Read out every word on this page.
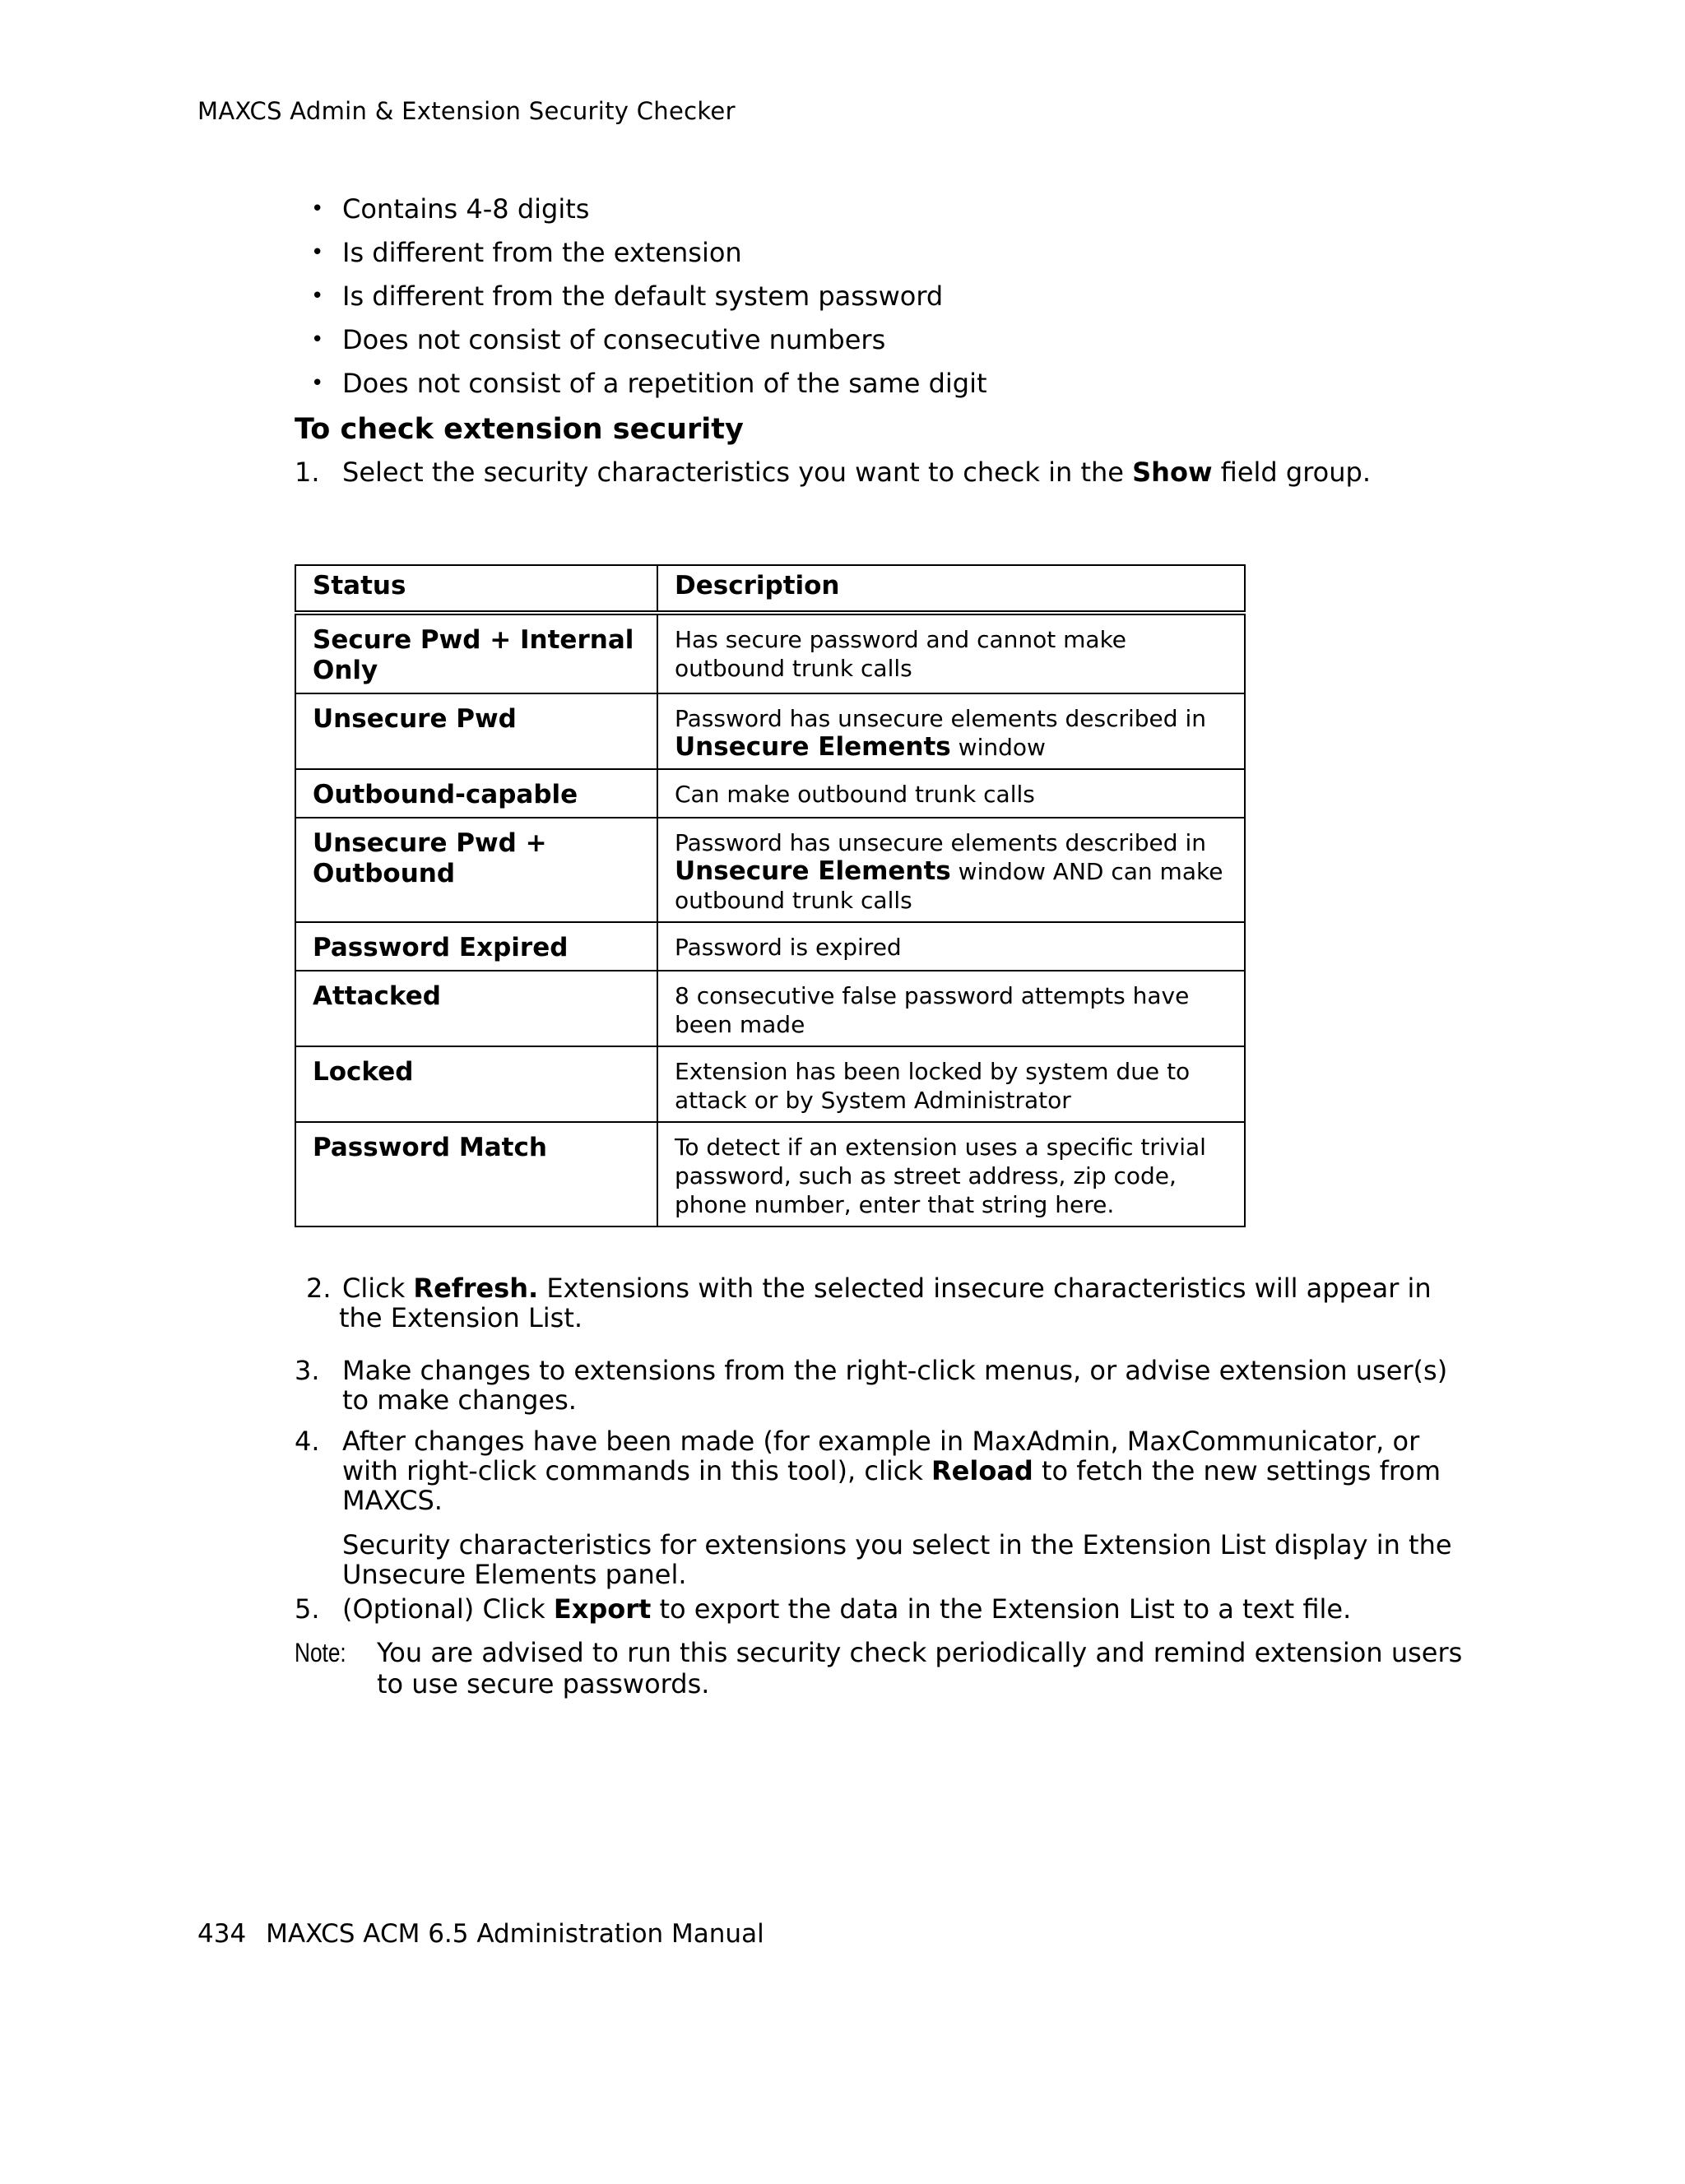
MAXCS Admin & Extension Security Checker
• Contains 4-8 digits
• Is different from the extension
• Is different from the default system password
• Does not consist of consecutive numbers
• Does not consist of a repetition of the same digit
To check extension security
1. Select the security characteristics you want to check in the Show field group.
Status	Description
Secure Pwd + Internal Only	Has secure password and cannot make outbound trunk calls
Unsecure Pwd	Password has unsecure elements described in Unsecure Elements window
Outbound-capable	Can make outbound trunk calls
Unsecure Pwd + Outbound	Password has unsecure elements described in Unsecure Elements window AND can make outbound trunk calls
Password Expired	Password is expired
Attacked	8 consecutive false password attempts have been made
Locked	Extension has been locked by system due to attack or by System Administrator
Password Match	To detect if an extension uses a specific trivial password, such as street address, zip code, phone number, enter that string here.
2. Click Refresh. Extensions with the selected insecure characteristics will appear in
the Extension List.
3. Make changes to extensions from the right-click menus, or advise extension user(s)
to make changes.
4. After changes have been made (for example in MaxAdmin, MaxCommunicator, or
with right-click commands in this tool), click Reload to fetch the new settings from
MAXCS.
Security characteristics for extensions you select in the Extension List display in the
Unsecure Elements panel.
5. (Optional) Click Export to export the data in the Extension List to a text file.
Note: You are advised to run this security check periodically and remind extension users
to use secure passwords.
434 MAXCS ACM 6.5 Administration Manual
